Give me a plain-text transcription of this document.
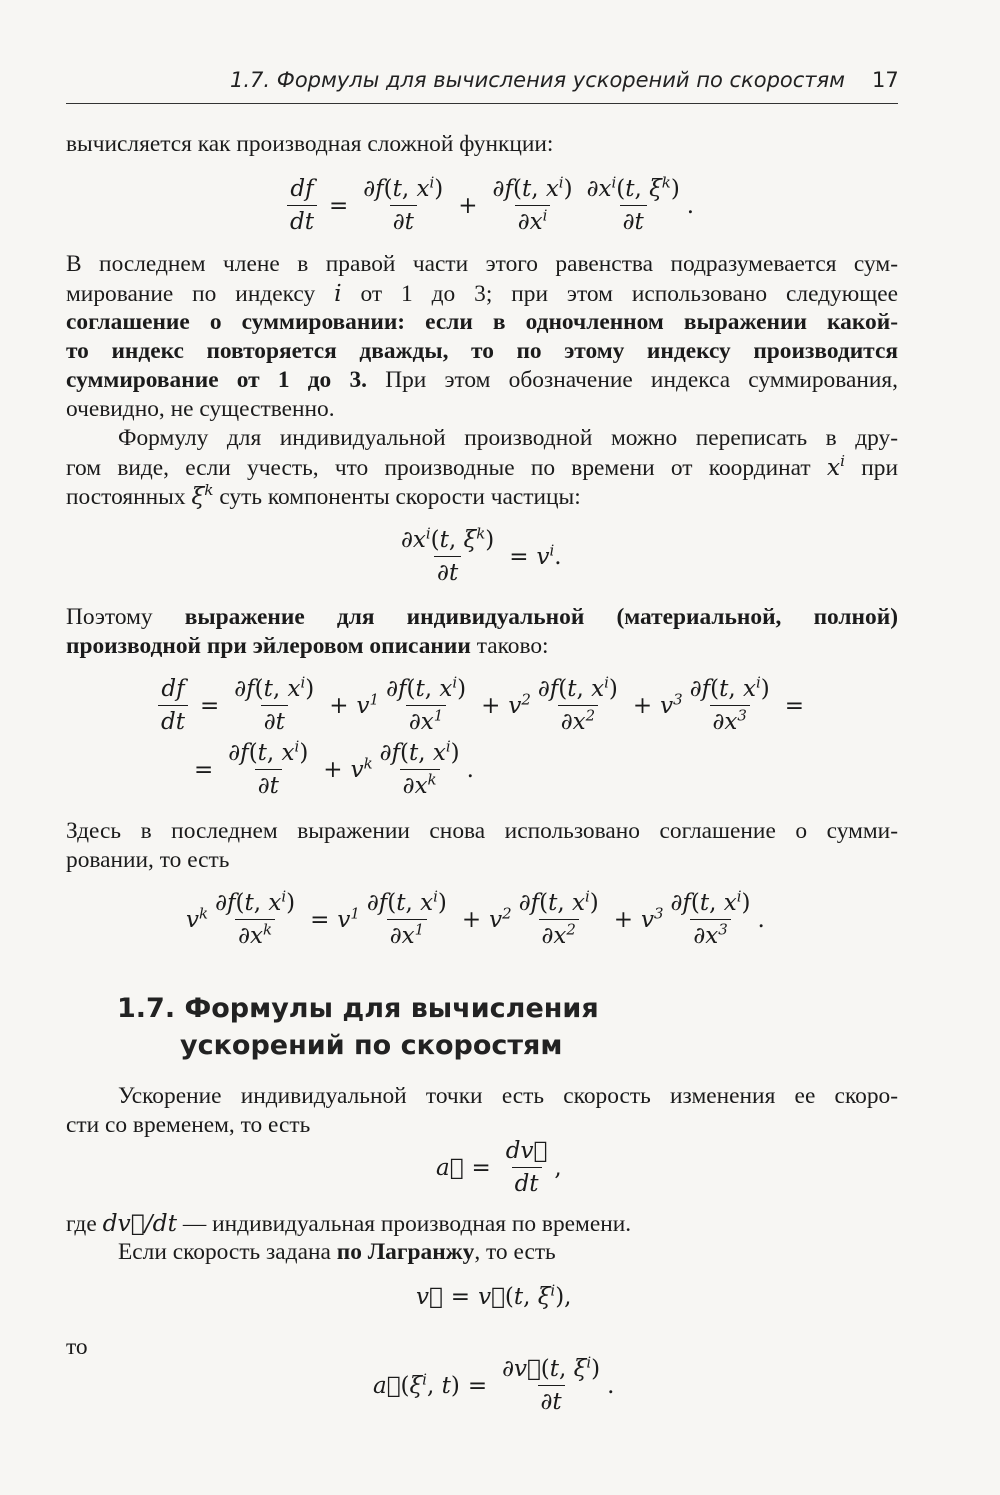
1.7. Формулы для вычисления ускорений по скоростям 17
вычисляется как производная сложной функции:
$\frac{df}{dt} = \frac{\partial f(t, x^i)}{\partial t} + \frac{\partial f(t, x^i)}{\partial x^i} \frac{\partial x^i(t, \xi^k)}{\partial t}$ .
В последнем члене в правой части этого равенства подразумевается сум-
мирование по индексу i от 1 до 3; при этом использовано следующее
соглашение о суммировании: если в одночленном выражении какой-
то индекс повторяется дважды, то по этому индексу производится
суммирование от 1 до 3. При этом обозначение индекса суммирования,
очевидно, не существенно.
Формулу для индивидуальной производной можно переписать в дру-
гом виде, если учесть, что производные по времени от координат $x^i$ при
постоянных $\xi^k$ суть компоненты скорости частицы:
$\frac{\partial x^i(t, \xi^k)}{\partial t} = v^i$ .
Поэтому выражение для индивидуальной (материальной, полной)
производной при эйлеровом описании таково:
$\frac{df}{dt} = \frac{\partial f(t, x^i)}{\partial t} + v^1 \frac{\partial f(t, x^i)}{\partial x^1} + v^2 \frac{\partial f(t, x^i)}{\partial x^2} + v^3 \frac{\partial f(t, x^i)}{\partial x^3}$ =
= $\frac{\partial f(t, x^i)}{\partial t} + v^k \frac{\partial f(t, x^i)}{\partial x^k}$ .
Здесь в последнем выражении снова использовано соглашение о сумми-
ровании, то есть
$v^k \frac{\partial f(t, x^i)}{\partial x^k} = v^1 \frac{\partial f(t, x^i)}{\partial x^1} + v^2 \frac{\partial f(t, x^i)}{\partial x^2} + v^3 \frac{\partial f(t, x^i)}{\partial x^3}$ .
1.7. Формулы для вычисления
ускорений по скоростям
Ускорение индивидуальной точки есть скорость изменения ее скоро-
сти со временем, то есть
a⃗ = $\frac{dv⃗}{dt}$ ,
где dv⃗/dt — индивидуальная производная по времени.
Если скорость задана по Лагранжу, то есть
v⃗ = v⃗ (t, $\xi^i$),
то
$a⃗(\xi^i$, $t) = \frac{\partial v⃗(t, \xi^i)}{\partial t}$ .
